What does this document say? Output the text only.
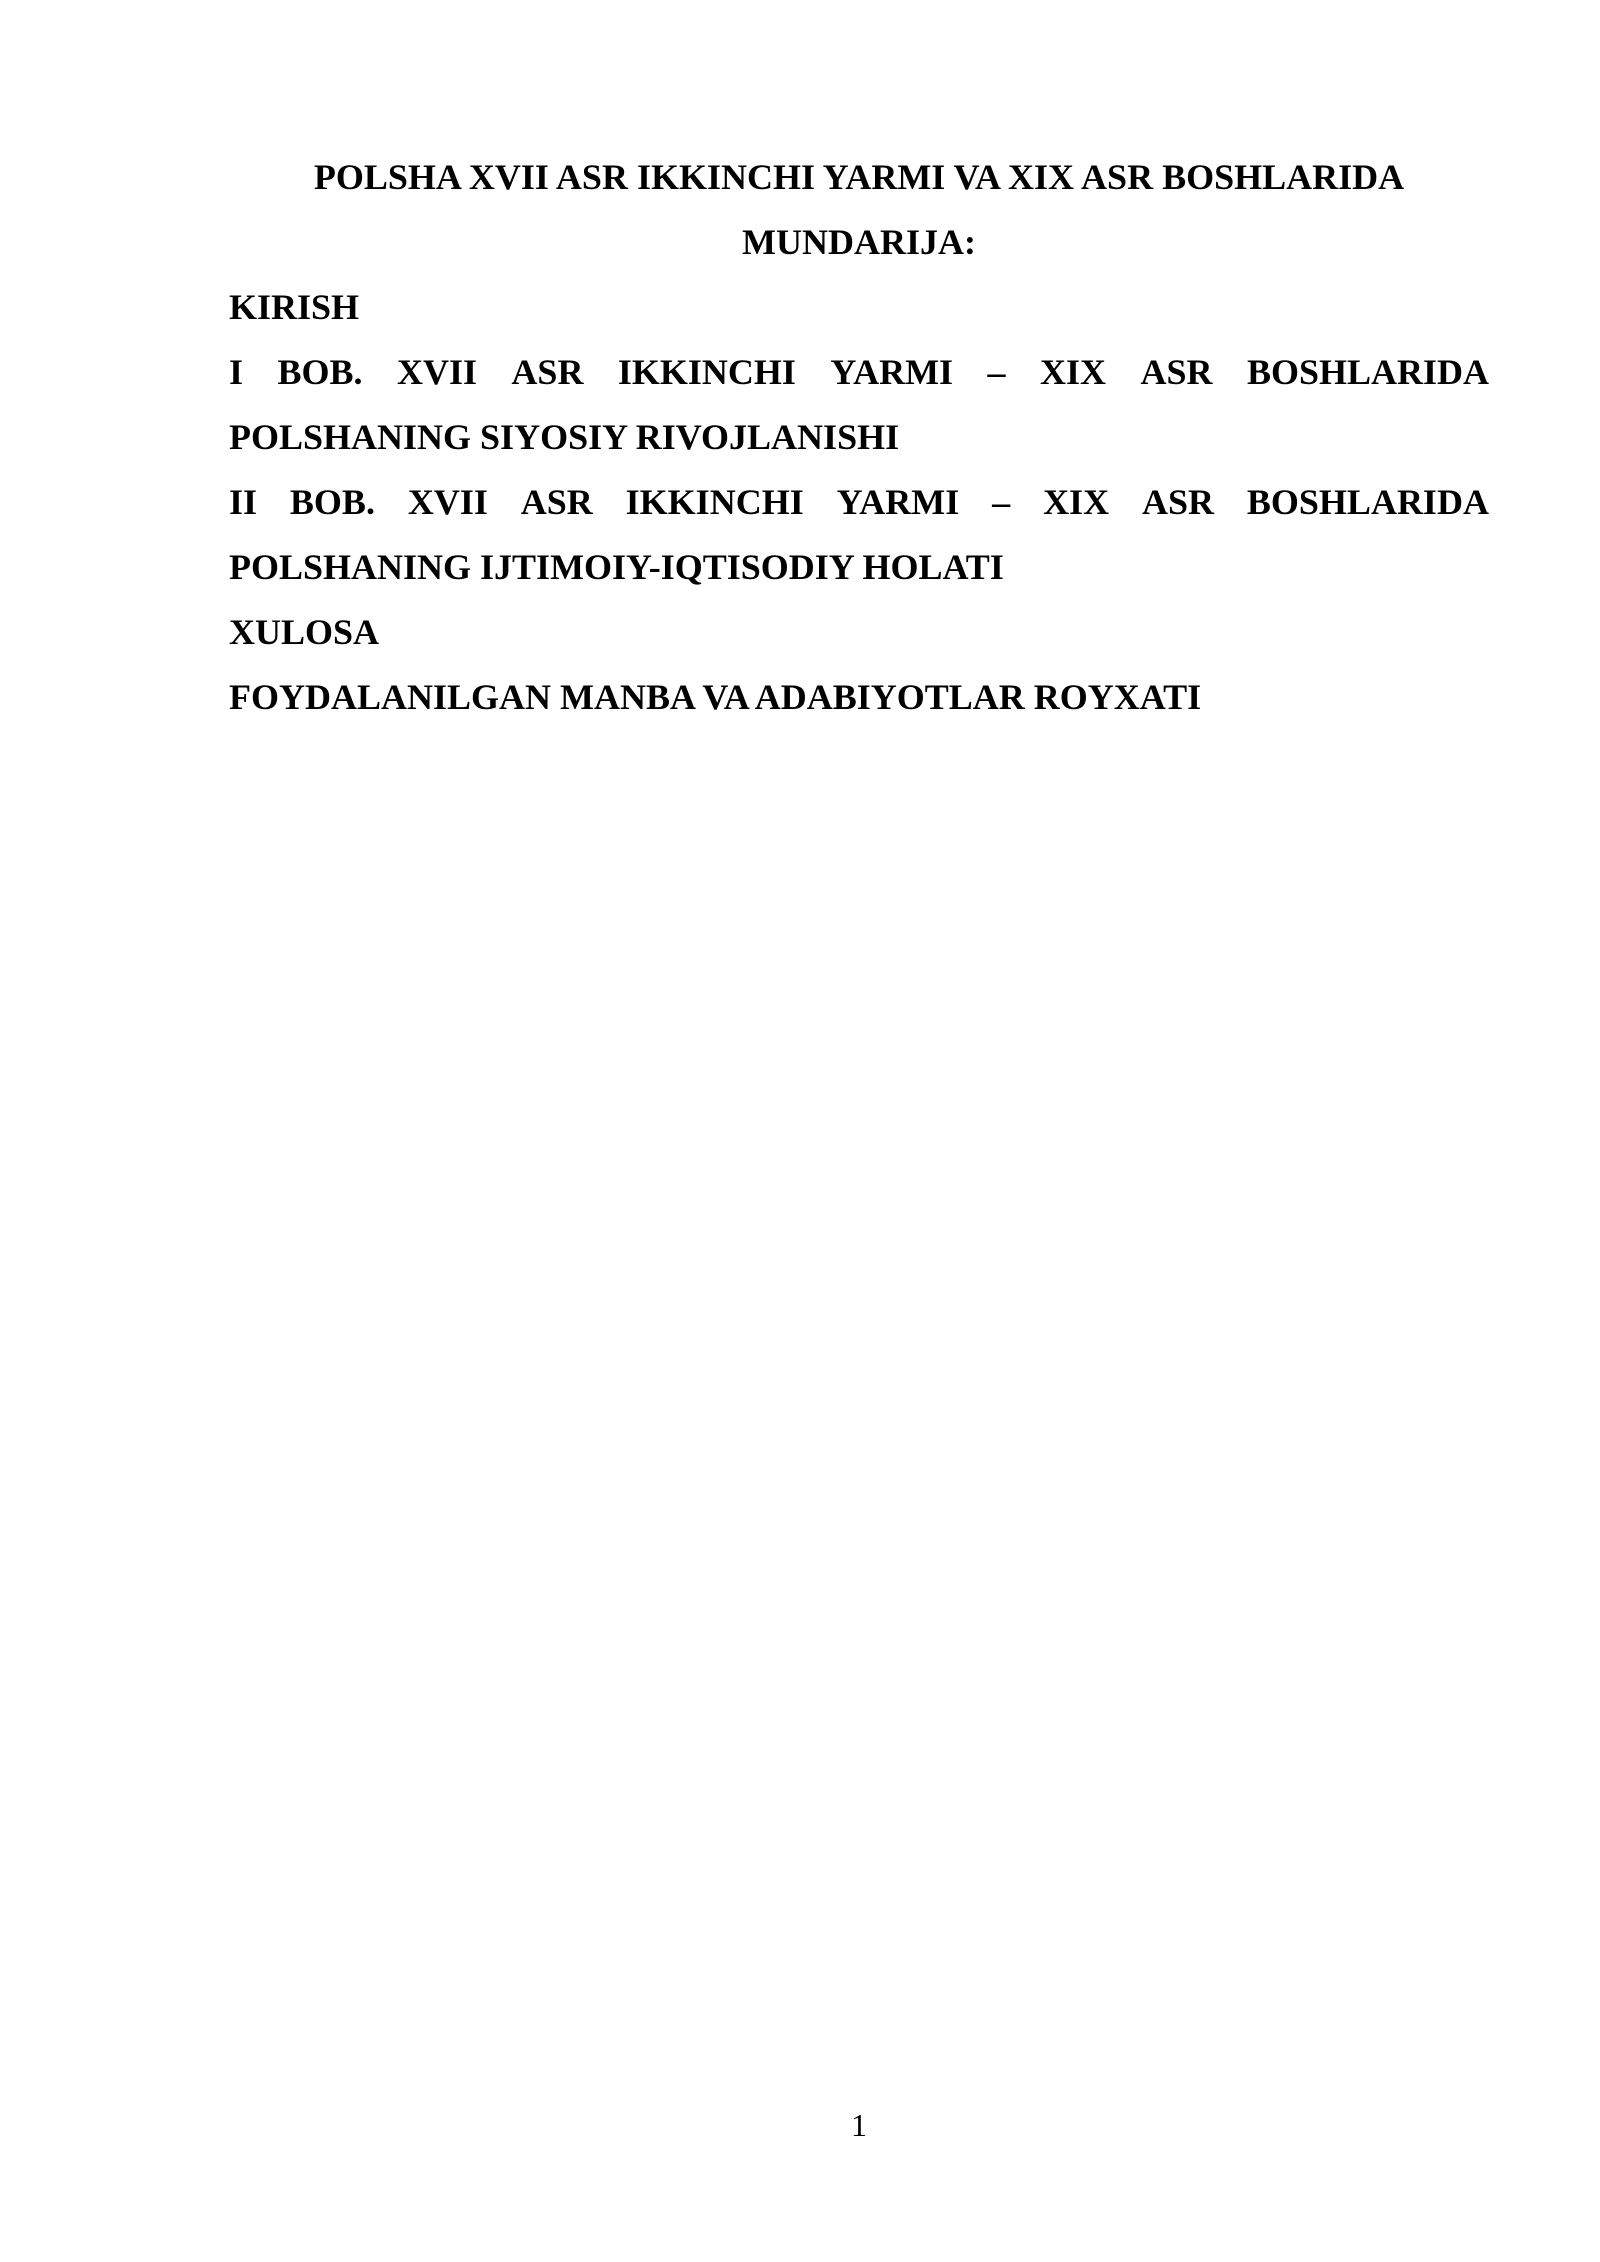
POLSHA XVII ASR IKKINCHI YARMI VA XIX ASR BOSHLARIDA
MUNDARIJA:
KIRISH
I BOB. XVII ASR IKKINCHI YARMI – XIX ASR BOSHLARIDA
POLSHANING SIYOSIY RIVOJLANISHI
II BOB. XVII ASR IKKINCHI YARMI – XIX ASR BOSHLARIDA
POLSHANING IJTIMOIY-IQTISODIY HOLATI
XULOSA
FOYDALANILGAN MANBA VA ADABIYOTLAR ROYXATI
1
